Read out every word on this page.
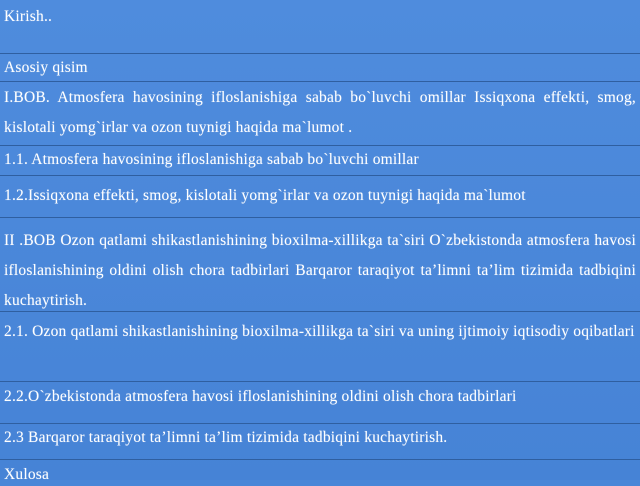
Kirish..
Asosiy qisim
I.BOB. Atmosfera havosining ifloslanishiga sabab bo`luvchi omillar Issiqxona effekti, smog, kislotali yomg`irlar va ozon tuynigi haqida ma`lumot .
1.1. Atmosfera havosining ifloslanishiga sabab bo`luvchi omillar
1.2.Issiqxona effekti, smog, kislotali yomg`irlar va ozon tuynigi haqida ma`lumot
II .BOB Ozon qatlami shikastlanishining bioxilma-xillikga ta`siri O`zbekistonda atmosfera havosi ifloslanishining oldini olish chora tadbirlari Barqaror taraqiyot ta’limni ta’lim tizimida tadbiqini kuchaytirish.
2.1. Ozon qatlami shikastlanishining bioxilma-xillikga ta`siri va uning ijtimoiy iqtisodiy oqibatlari
2.2.O`zbekistonda atmosfera havosi ifloslanishining oldini olish chora tadbirlari
2.3 Barqaror taraqiyot ta’limni ta’lim tizimida tadbiqini kuchaytirish.
Xulosa
